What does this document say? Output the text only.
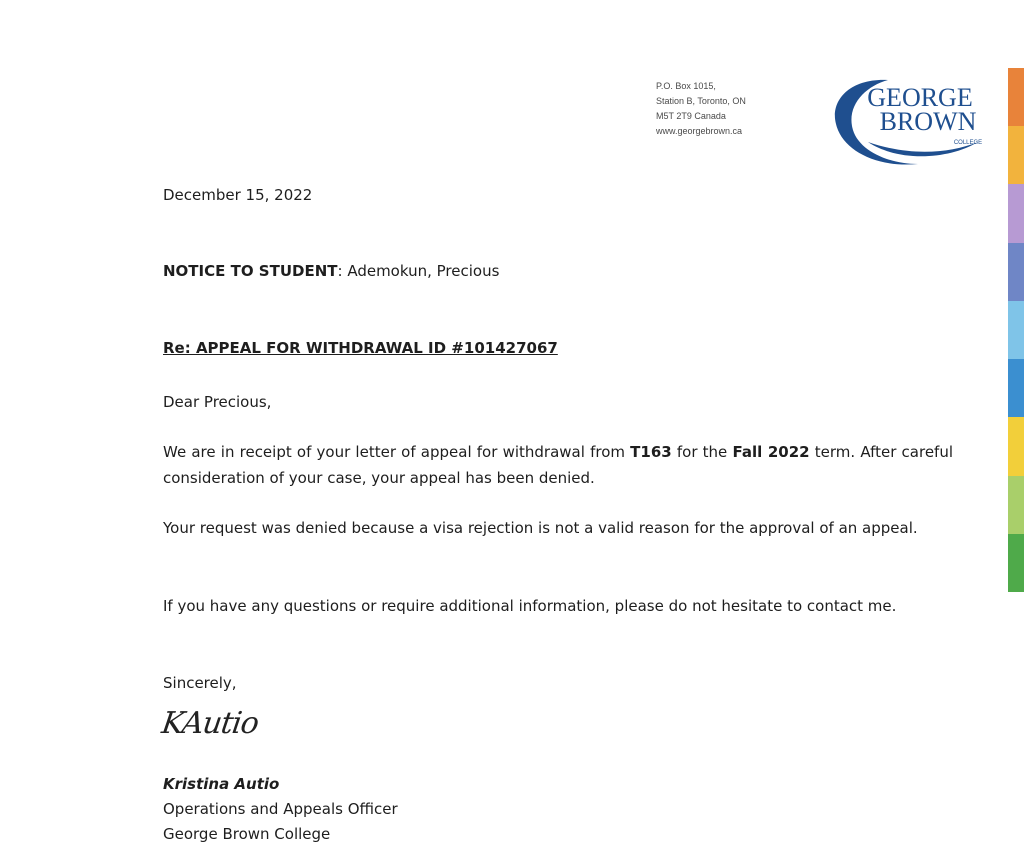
P.O. Box 1015,
Station B, Toronto, ON
M5T 2T9 Canada
www.georgebrown.ca
GEORGE
BROWN
COLLEGE
December 15, 2022
NOTICE TO STUDENT: Ademokun, Precious
Re: APPEAL FOR WITHDRAWAL ID #101427067
Dear Precious,
We are in receipt of your letter of appeal for withdrawal from T163 for the Fall 2022 term. After careful consideration of your case, your appeal has been denied.
Your request was denied because a visa rejection is not a valid reason for the approval of an appeal.
If you have any questions or require additional information, please do not hesitate to contact me.
Sincerely,
KAutio
Kristina Autio
Operations and Appeals Officer
George Brown College
